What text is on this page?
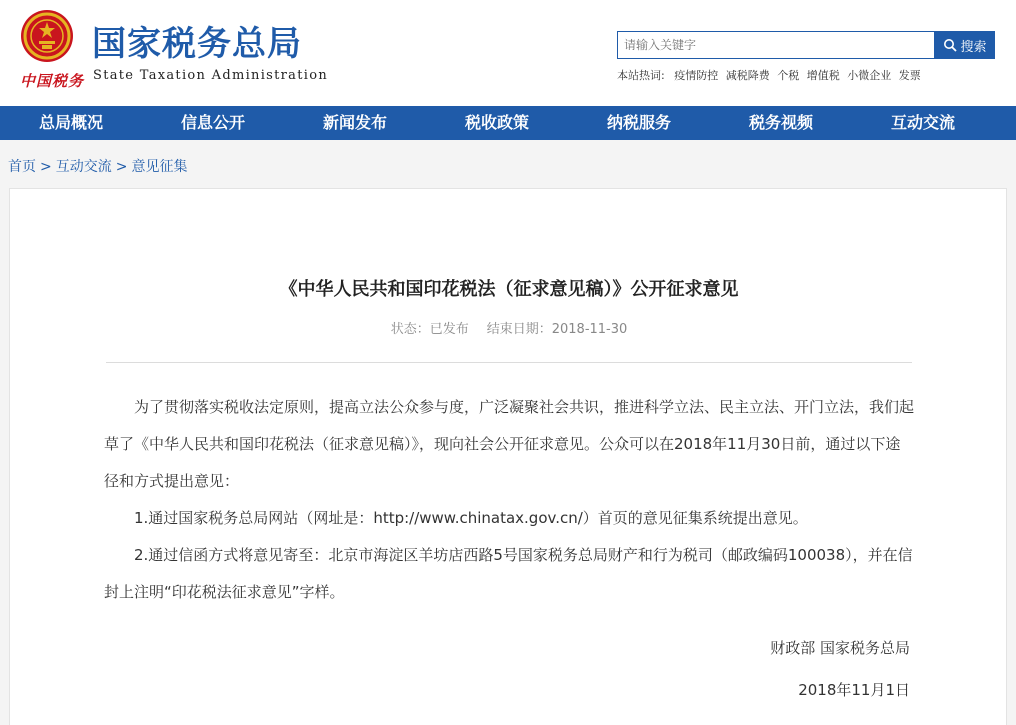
中国税务
国家税务总局
State Taxation Administration
请输入关键字
搜索
本站热词: 疫情防控 减税降费 个税 增值税 小微企业 发票
总局概况	信息公开	新闻发布	税收政策	纳税服务	税务视频	互动交流
首页 > 互动交流 > 意见征集
《中华人民共和国印花税法（征求意见稿）》公开征求意见
状态：已发布 结束日期：2018-11-30

为了贯彻落实税收法定原则，提高立法公众参与度，广泛凝聚社会共识，推进科学立法、民主立法、开门立法，我们起草了《中华人民共和国印花税法（征求意见稿）》，现向社会公开征求意见。公众可以在2018年11月30日前，通过以下途径和方式提出意见：

1.通过国家税务总局网站（网址是：http://www.chinatax.gov.cn/）首页的意见征集系统提出意见。

2.通过信函方式将意见寄至：北京市海淀区羊坊店西路5号国家税务总局财产和行为税司（邮政编码100038），并在信封上注明“印花税法征求意见”字样。

财政部 国家税务总局
2018年11月1日
